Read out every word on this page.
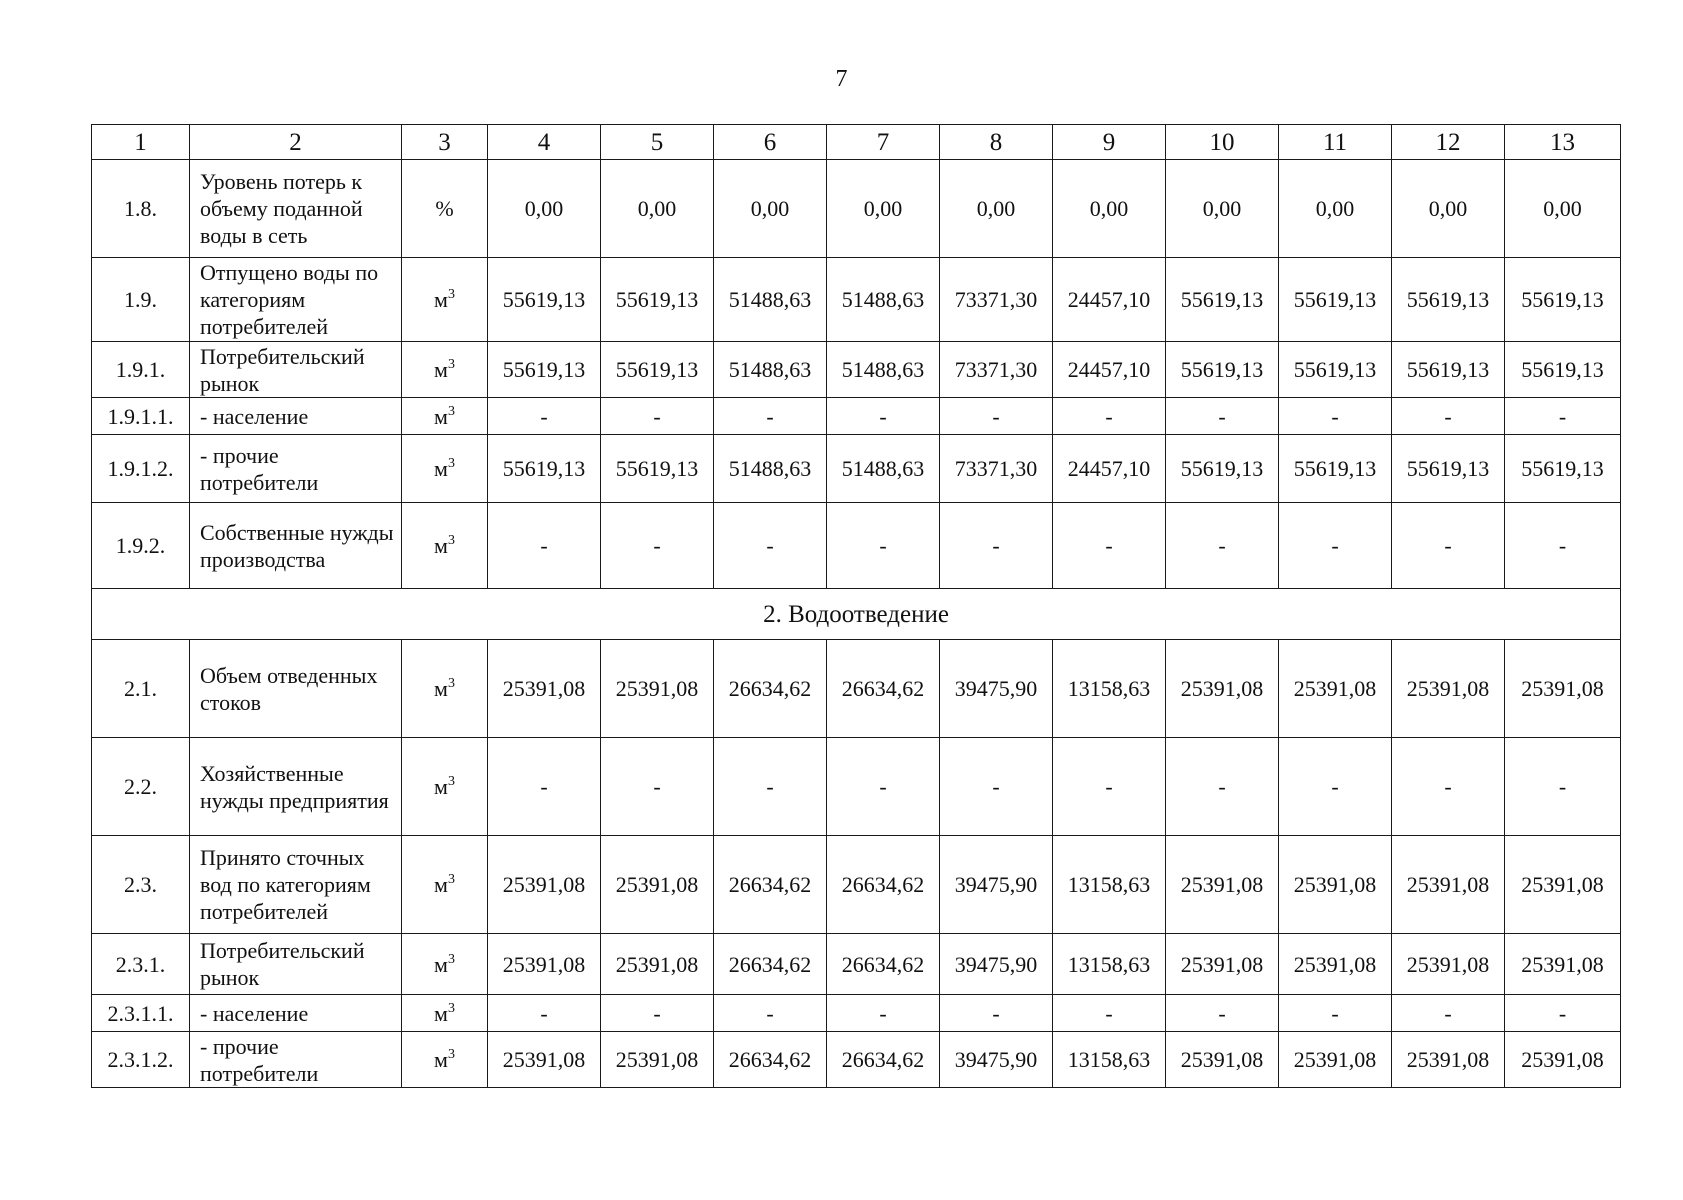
7
1	2	3	4	5	6	7	8	9	10	11	12	13
1.8.	Уровень потерь к объему поданной воды в сеть	%	0,00	0,00	0,00	0,00	0,00	0,00	0,00	0,00	0,00	0,00
1.9.	Отпущено воды по категориям потребителей	$м^3$	55619,13	55619,13	51488,63	51488,63	73371,30	24457,10	55619,13	55619,13	55619,13	55619,13
1.9.1.	Потребительский рынок	$м^3$	55619,13	55619,13	51488,63	51488,63	73371,30	24457,10	55619,13	55619,13	55619,13	55619,13
1.9.1.1.	- население	$м^3$	-	-	-	-	-	-	-	-	-	-
1.9.1.2.	- прочие потребители	$м^3$	55619,13	55619,13	51488,63	51488,63	73371,30	24457,10	55619,13	55619,13	55619,13	55619,13
1.9.2.	Собственные нужды производства	$м^3$	-	-	-	-	-	-	-	-	-	-
2. Водоотведение												
2.1.	Объем отведенных стоков	$м^3$	25391,08	25391,08	26634,62	26634,62	39475,90	13158,63	25391,08	25391,08	25391,08	25391,08
2.2.	Хозяйственные нужды предприятия	$м^3$	-	-	-	-	-	-	-	-	-	-
2.3.	Принято сточных вод по категориям потребителей	$м^3$	25391,08	25391,08	26634,62	26634,62	39475,90	13158,63	25391,08	25391,08	25391,08	25391,08
2.3.1.	Потребительский рынок	$м^3$	25391,08	25391,08	26634,62	26634,62	39475,90	13158,63	25391,08	25391,08	25391,08	25391,08
2.3.1.1.	- население	$м^3$	-	-	-	-	-	-	-	-	-	-
2.3.1.2.	- прочие потребители	$м^3$	25391,08	25391,08	26634,62	26634,62	39475,90	13158,63	25391,08	25391,08	25391,08	25391,08
